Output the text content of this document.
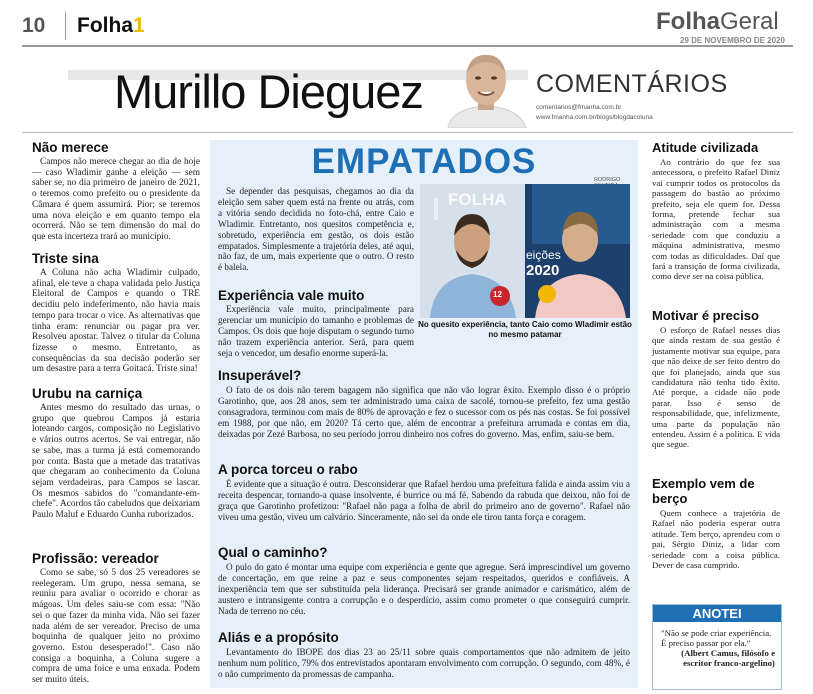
10 Folha1	FolhaGeral
29 DE NOVEMBRO DE 2020
Murillo Dieguez	COMENTÁRIOS
comentarios@fmanha.com.br
www.fmanha.com.br/blogs/blogdacoluna
Não merece

Campos não merece chegar ao dia de hoje — caso Wladimir ganhe a eleição — sem saber se, no dia primeiro de janeiro de 2021, o teremos como prefeito ou o presidente da Câmara é quem assumirá. Pior; se teremos uma nova eleição e em quanto tempo ela ocorrerá. Não se tem dimensão do mal do que esta incerteza trará ao município.

Triste sina

A Coluna não acha Wladimir culpado, afinal, ele teve a chapa validada pelo Justiça Eleitoral de Campos e quando o TRE decidiu pelo indeferimento, não havia mais tempo para trocar o vice. As alternativas que tinha eram: renunciar ou pagar pra ver. Resolveu apostar. Talvez o titular da Coluna fizesse o mesmo. Entretanto, as consequências da sua decisão poderão ser um desastre para a terra Goitacá. Triste sina!

Urubu na carniça

Antes mesmo do resultado das urnas, o grupo que quebrou Campos já estaria loteando cargos, composição no Legislativo e vários outros acertos. Se vai entregar, não se sabe, mas a turma já está comemorando por conta. Basta que a metade das tratativas que chegaram ao conhecimento da Coluna sejam verdadeiras, para Campos se lascar. Os mesmos sabidos do "comandante-em-chefe". Acordos tão cabeludos que deixariam Paulo Maluf e Eduardo Cunha ruborizados.

Profissão: vereador

Como se sabe, só 5 dos 25 vereadores se reelegeram. Um grupo, nessa semana, se reuniu para avaliar o ocorrido e chorar as mágoas. Um deles saiu-se com essa: "Não sei o que fazer da minha vida. Não sei fazer nada além de ser vereador. Preciso de uma boquinha de qualquer jeito no próximo governo. Estou desesperado!". Caso não consiga a boquinha, a Coluna sugere a compra de uma foice e uma enxada. Podem ser muito úteis.

EMPATADOS

Se depender das pesquisas, chegamos ao dia da eleição sem saber quem está na frente ou atrás, com a vitória sendo decidida no foto-chá, entre Caio e Wladimir. Entretanto, nos quesitos competência e, sobretudo, experiência em gestão, os dois estão empatados. Simplesmente a trajetória deles, até aqui, não faz, de um, mais experiente que o outro. O resto é balela.

Experiência vale muito

Experiência vale muito, principalmente para gerenciar um município do tamanho e problemas de Campos. Os dois que hoje disputam o segundo turno não trazem experiência anterior. Será, para quem seja o vencedor, um desafio enorme superá-la.

RODRIGO
FOLHA
12
eições
2020
No quesito experiência, tanto Caio como Wladimir estão no mesmo patamar
Insuperável?

O fato de os dois não terem bagagem não significa que não vão lograr êxito. Exemplo disso é o próprio Garotinho, que, aos 28 anos, sem ter administrado uma caixa de sacolé, tornou-se prefeito, fez uma gestão consagradora, terminou com mais de 80% de aprovação e fez o sucessor com os pés nas costas. Se foi possível em 1988, por que não, em 2020? Tá certo que, além de encontrar a prefeitura arrumada e contas em dia, deixadas por Zezé Barbosa, no seu período jorrou dinheiro nos cofres do governo. Mas, enfim, saiu-se bem.

A porca torceu o rabo

É evidente que a situação é outra. Desconsiderar que Rafael herdou uma prefeitura falida e ainda assim viu a receita despencar, tornando-a quase insolvente, é burrice ou má fé. Sabendo da rabuda que deixou, não foi de graça que Garotinho profetizou: "Rafael não paga a folha de abril do primeiro ano de governo". Rafael não viveu uma gestão, viveu um calvário. Sinceramente, não sei da onde ele tirou tanta força e coragem.

Qual o caminho?

O pulo do gato é montar uma equipe com experiência e gente que agregue. Será imprescindível um governo de concertação, em que reine a paz e seus componentes sejam respeitados, queridos e confiáveis. A inexperiência tem que ser substituída pela liderança. Precisará ser grande animador e carismático, além de austero e intransigente contra a corrupção e o desperdício, assim como prometer o que conseguirá cumprir. Nada de terreno no céu.

Aliás e a propósito

Levantamento do IBOPE dos dias 23 ao 25/11 sobre quais comportamentos que não admitem de jeito nenhum num político, 79% dos entrevistados apontaram envolvimento com corrupção. O segundo, com 48%, é o não cumprimento da promessas de campanha.

Atitude civilizada

Ao contrário do que fez sua antecessora, o prefeito Rafael Diniz vai cumprir todos os protocolos da passagem do bastão ao próximo prefeito, seja ele quem for. Dessa forma, pretende fechar sua administração com a mesma seriedade com que conduziu a máquina administrativa, mesmo com todas as dificuldades. Daí que fará a transição de forma civilizada, como deve ser na coisa pública.

Motivar é preciso

O esforço de Rafael nesses dias que ainda restam de sua gestão é justamente motivar sua equipe, para que não deixe de ser feito dentro do que foi planejado, ainda que sua candidatura não tenha tido êxito. Até porque, a cidade não pode parar. Isso é senso de responsabilidade, que, infelizmente, uma parte da população não entendeu. Assim é a política. E vida que segue.

Exemplo vem de berço

Quem conhece a trajetória de Rafael não poderia esperar outra atitude. Tem berço, aprendeu com o pai, Sérgio Diniz, a lidar com seriedade com a coisa pública. Dever de casa cumprido.

ANOTEI
"Não se pode criar experiência. É preciso passar por ela."
(Albert Camus, filósofo e escritor franco-argelino)
